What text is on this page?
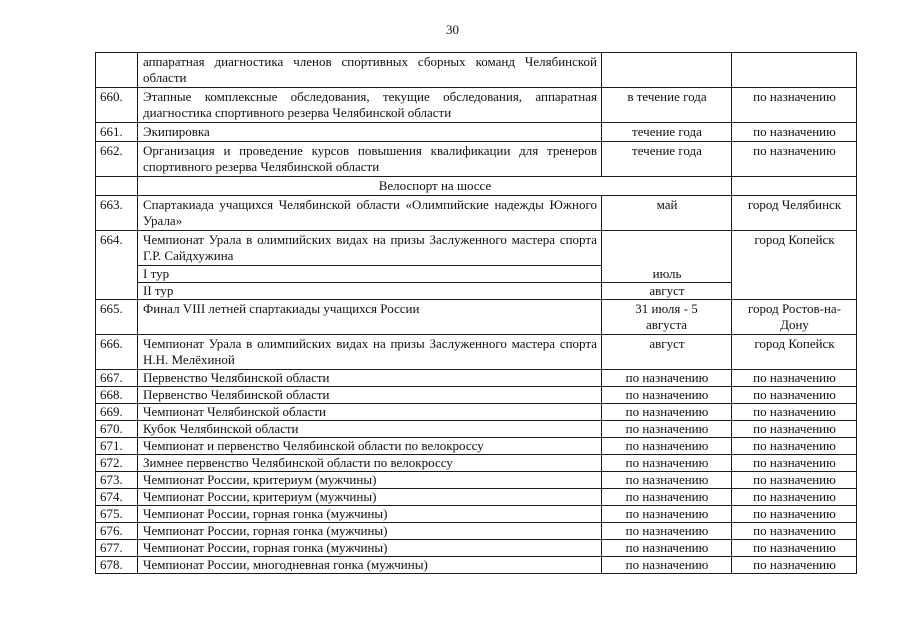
30
	аппаратная диагностика членов спортивных сборных команд Челябинской области		
660.	Этапные комплексные обследования, текущие обследования, аппаратная диагностика спортивного резерва Челябинской области	в течение года	по назначению
661.	Экипировка	течение года	по назначению
662.	Организация и проведение курсов повышения квалификации для тренеров спортивного резерва Челябинской области	течение года	по назначению
	Велоспорт на шоссе		
663.	Спартакиада учащихся Челябинской области «Олимпийские надежды Южного Урала»	май	город Челябинск
664.	Чемпионат Урала в олимпийских видах на призы Заслуженного мастера спорта Г.Р. Сайдхужина		город Копейск
	I тур	июль	
	II тур	август	
665.	Финал VIII летней спартакиады учащихся России	31 июля - 5 августа	город Ростов-на-Дону
666.	Чемпионат Урала в олимпийских видах на призы Заслуженного мастера спорта Н.Н. Мелёхиной	август	город Копейск
667.	Первенство Челябинской области	по назначению	по назначению
668.	Первенство Челябинской области	по назначению	по назначению
669.	Чемпионат Челябинской области	по назначению	по назначению
670.	Кубок Челябинской области	по назначению	по назначению
671.	Чемпионат и первенство Челябинской области по велокроссу	по назначению	по назначению
672.	Зимнее первенство Челябинской области по велокроссу	по назначению	по назначению
673.	Чемпионат России, критериум (мужчины)	по назначению	по назначению
674.	Чемпионат России, критериум (мужчины)	по назначению	по назначению
675.	Чемпионат России, горная гонка (мужчины)	по назначению	по назначению
676.	Чемпионат России, горная гонка (мужчины)	по назначению	по назначению
677.	Чемпионат России, горная гонка (мужчины)	по назначению	по назначению
678.	Чемпионат России, многодневная гонка (мужчины)	по назначению	по назначению
